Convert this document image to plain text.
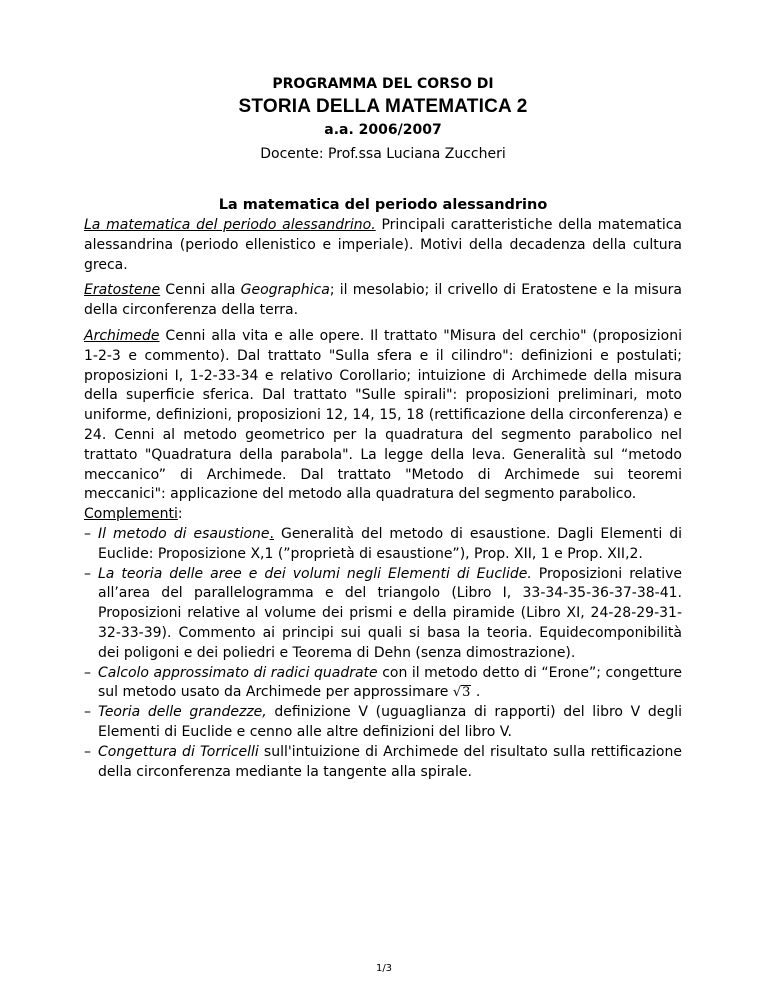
PROGRAMMA DEL CORSO DI

STORIA DELLA MATEMATICA 2

a.a. 2006/2007

Docente: Prof.ssa Luciana Zuccheri

La matematica del periodo alessandrino

La matematica del periodo alessandrino. Principali caratteristiche della matematica alessandrina (periodo ellenistico e imperiale). Motivi della decadenza della cultura greca.

Eratostene Cenni alla Geographica; il mesolabio; il crivello di Eratostene e la misura della circonferenza della terra.

Archimede Cenni alla vita e alle opere. Il trattato "Misura del cerchio" (proposizioni 1-2-3 e commento). Dal trattato "Sulla sfera e il cilindro": definizioni e postulati; proposizioni I, 1-2-33-34 e relativo Corollario; intuizione di Archimede della misura della superficie sferica. Dal trattato "Sulle spirali": proposizioni preliminari, moto uniforme, definizioni, proposizioni 12, 14, 15, 18 (rettificazione della circonferenza) e 24. Cenni al metodo geometrico per la quadratura del segmento parabolico nel trattato "Quadratura della parabola". La legge della leva. Generalità sul “metodo meccanico” di Archimede. Dal trattato "Metodo di Archimede sui teoremi meccanici": applicazione del metodo alla quadratura del segmento parabolico.

Complementi:

– Il metodo di esaustione. Generalità del metodo di esaustione. Dagli Elementi di Euclide: Proposizione X,1 (”proprietà di esaustione”), Prop. XII, 1 e Prop. XII,2.
– La teoria delle aree e dei volumi negli Elementi di Euclide. Proposizioni relative all’area del parallelogramma e del triangolo (Libro I, 33-34-35-36-37-38-41. Proposizioni relative al volume dei prismi e della piramide (Libro XI, 24-28-29-31-32-33-39). Commento ai principi sui quali si basa la teoria. Equidecomponibilità dei poligoni e dei poliedri e Teorema di Dehn (senza dimostrazione).
– Calcolo approssimato di radici quadrate con il metodo detto di “Erone”; congetture sul metodo usato da Archimede per approssimare √3 .
– Teoria delle grandezze, definizione V (uguaglianza di rapporti) del libro V degli Elementi di Euclide e cenno alle altre definizioni del libro V.
– Congettura di Torricelli sull'intuizione di Archimede del risultato sulla rettificazione della circonferenza mediante la tangente alla spirale.
1/3
